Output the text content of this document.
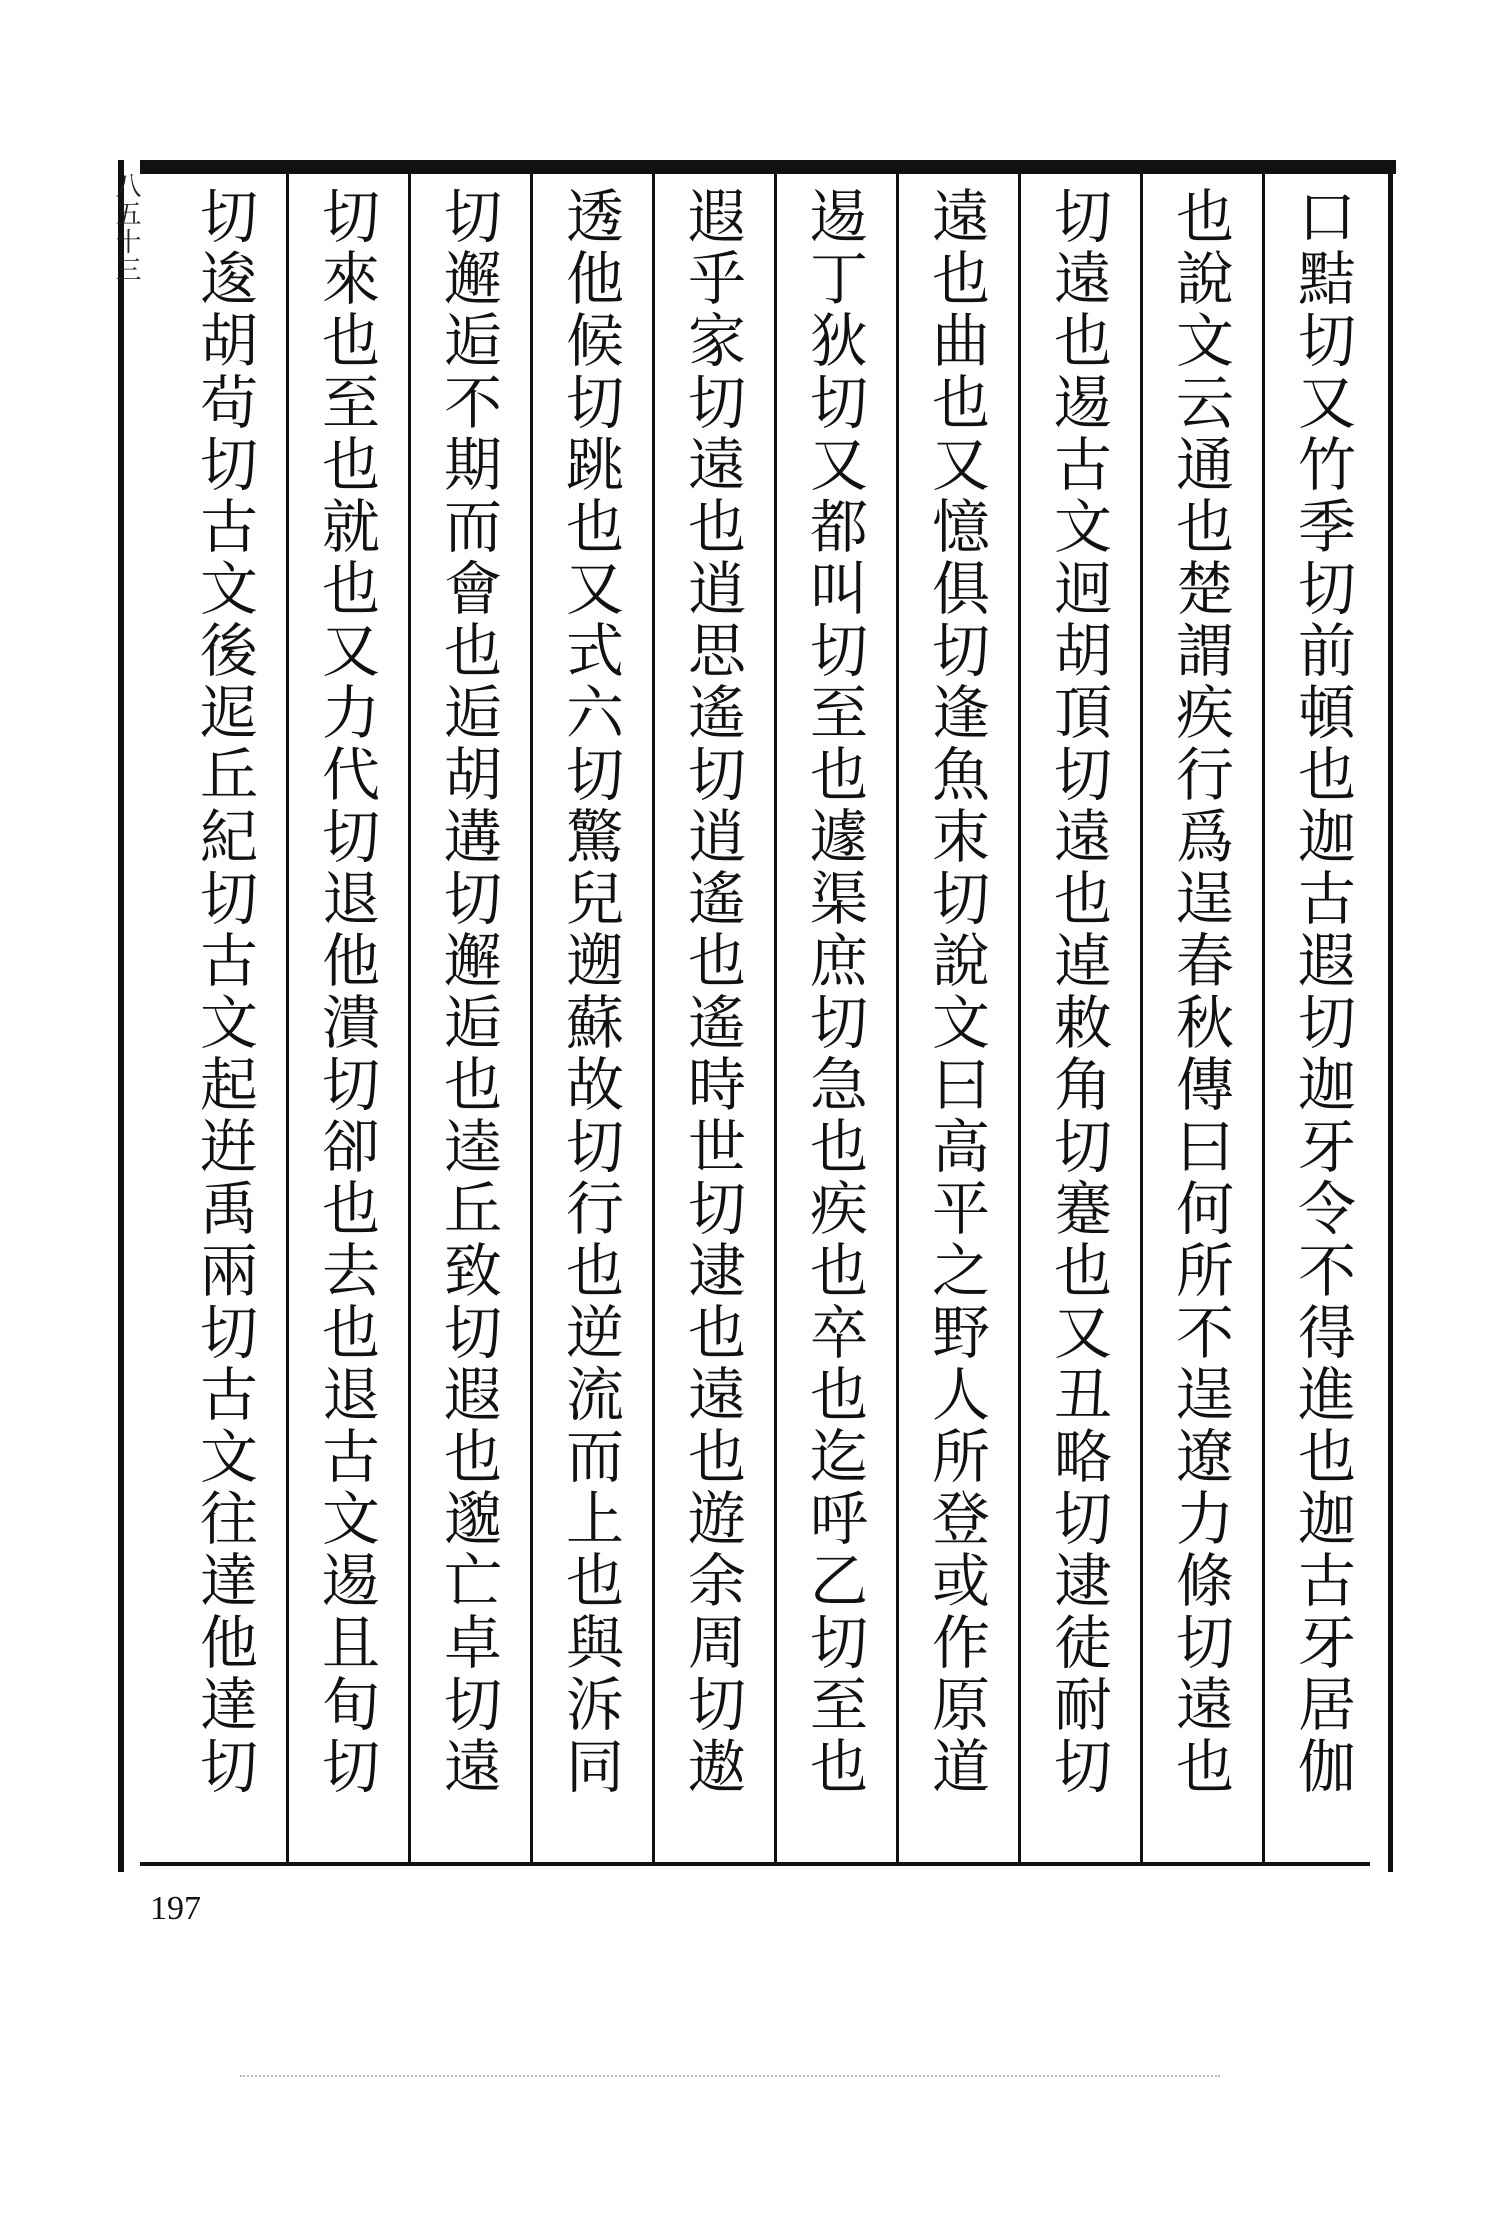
八五十三	口黠切又竹季切前頓也迦古遐切迦牙令不得進也迦古牙居伽
也說文云通也楚謂疾行爲逞春秋傳曰何所不逞遼力條切遠也
切遠也逷古文迥胡頂切遠也逴敕角切蹇也又丑略切逮徒耐切
遠也曲也又憶俱切逢魚朿切說文曰高平之野人所登或作原道
逷丁狄切又都叫切至也遽渠庶切急也疾也卒也迄呼乙切至也
遐乎家切遠也逍思遙切逍遙也遙時世切逮也遠也遊余周切遨
透他候切跳也又式六切驚兒遡蘇故切行也逆流而上也與泝同
切邂逅不期而會也逅胡遘切邂逅也逵丘致切遐也邈亡卓切遠
切來也至也就也又力代切退他潰切卻也去也退古文逷且旬切
切逡胡茍切古文後迡丘紀切古文起逬禹兩切古文往達他達切
197
